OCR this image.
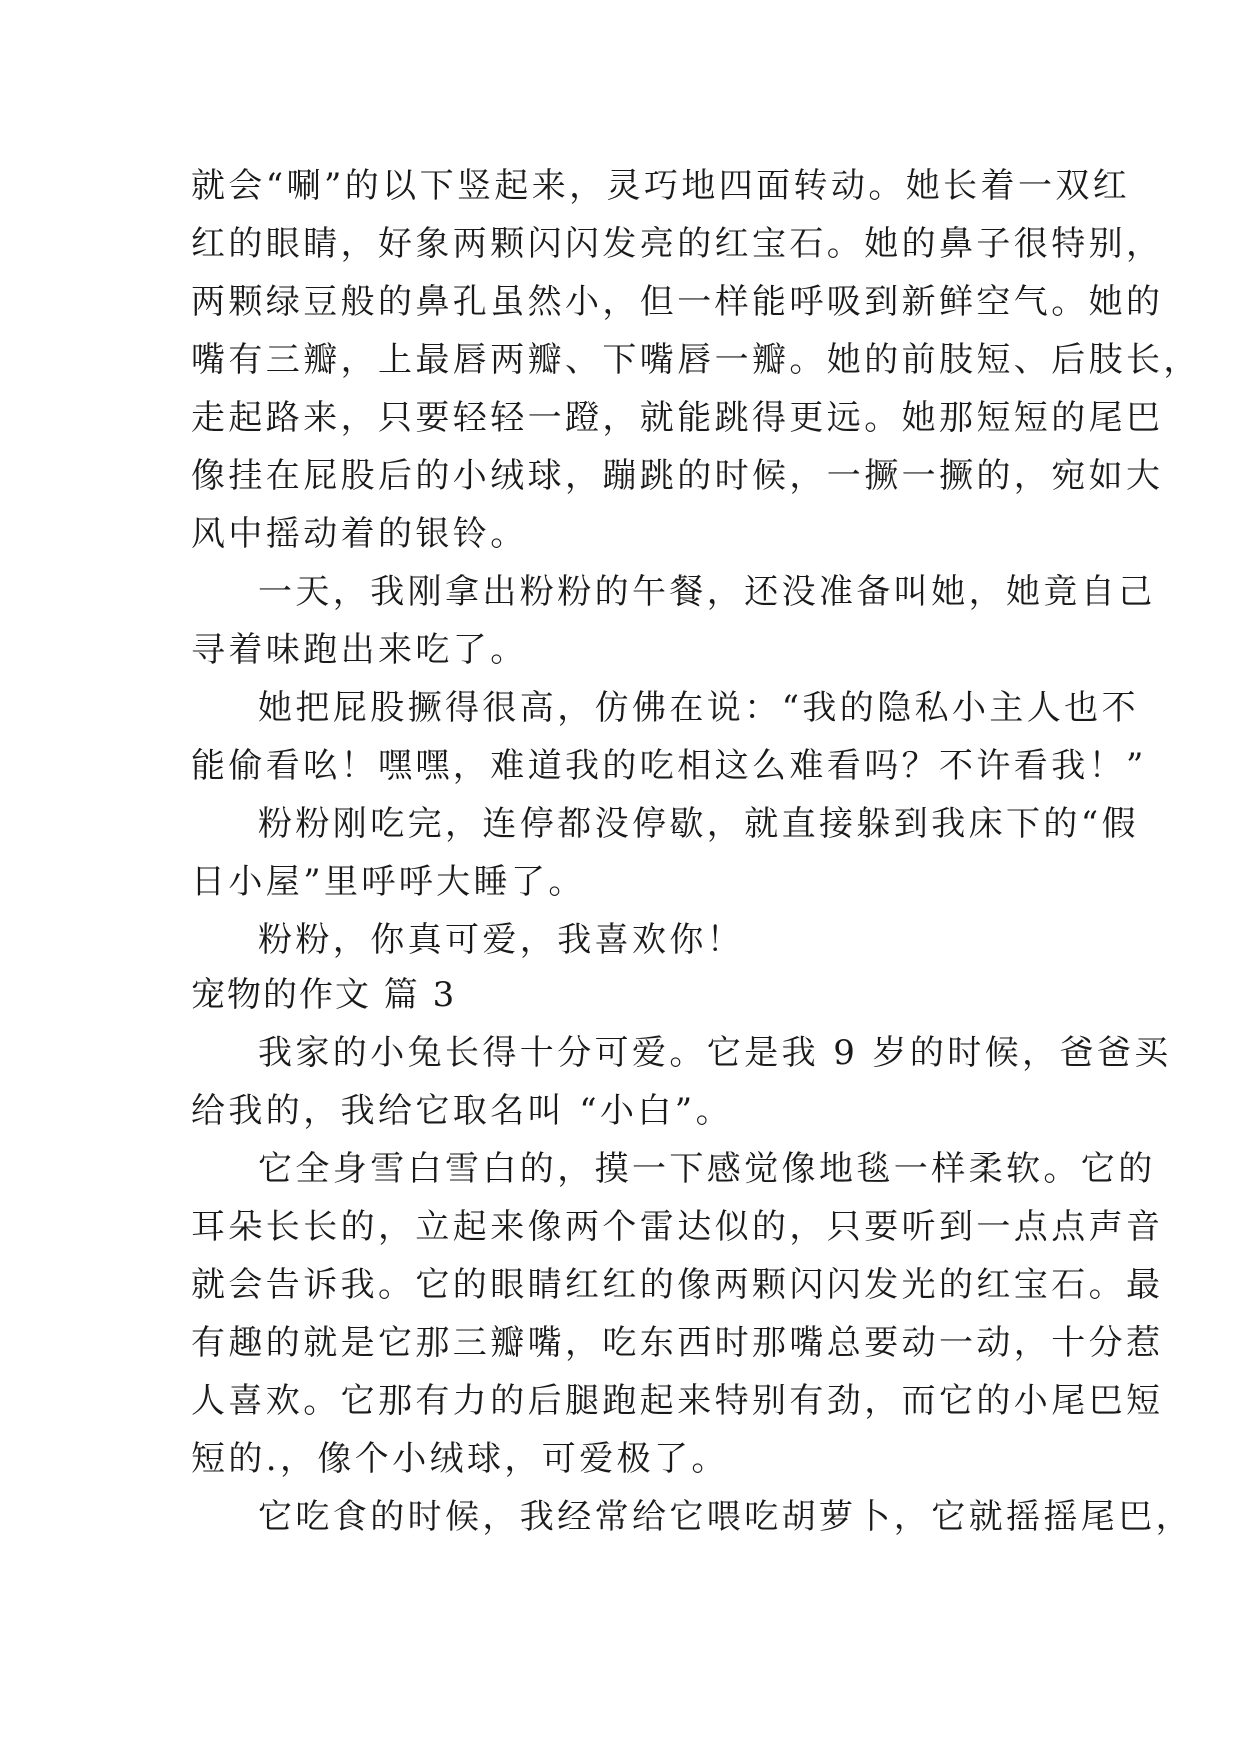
就会“唰”的以下竖起来，灵巧地四面转动。她长着一双红
红的眼睛，好象两颗闪闪发亮的红宝石。她的鼻子很特别，
两颗绿豆般的鼻孔虽然小，但一样能呼吸到新鲜空气。她的
嘴有三瓣，上最唇两瓣、下嘴唇一瓣。她的前肢短、后肢长，
走起路来，只要轻轻一蹬，就能跳得更远。她那短短的尾巴
像挂在屁股后的小绒球，蹦跳的时候，一撅一撅的，宛如大
风中摇动着的银铃。
一天，我刚拿出粉粉的午餐，还没准备叫她，她竟自己
寻着味跑出来吃了。
她把屁股撅得很高，仿佛在说：“我的隐私小主人也不
能偷看吆！嘿嘿，难道我的吃相这么难看吗？不许看我！”
粉粉刚吃完，连停都没停歇，就直接躲到我床下的“假
日小屋”里呼呼大睡了。
粉粉，你真可爱，我喜欢你！
宠物的作文 篇 3
我家的小兔长得十分可爱。它是我 9 岁的时候，爸爸买
给我的，我给它取名叫 “小白”。
它全身雪白雪白的，摸一下感觉像地毯一样柔软。它的
耳朵长长的，立起来像两个雷达似的，只要听到一点点声音
就会告诉我。它的眼睛红红的像两颗闪闪发光的红宝石。最
有趣的就是它那三瓣嘴，吃东西时那嘴总要动一动，十分惹
人喜欢。它那有力的后腿跑起来特别有劲，而它的小尾巴短
短的.，像个小绒球，可爱极了。
它吃食的时候，我经常给它喂吃胡萝卜，它就摇摇尾巴，
